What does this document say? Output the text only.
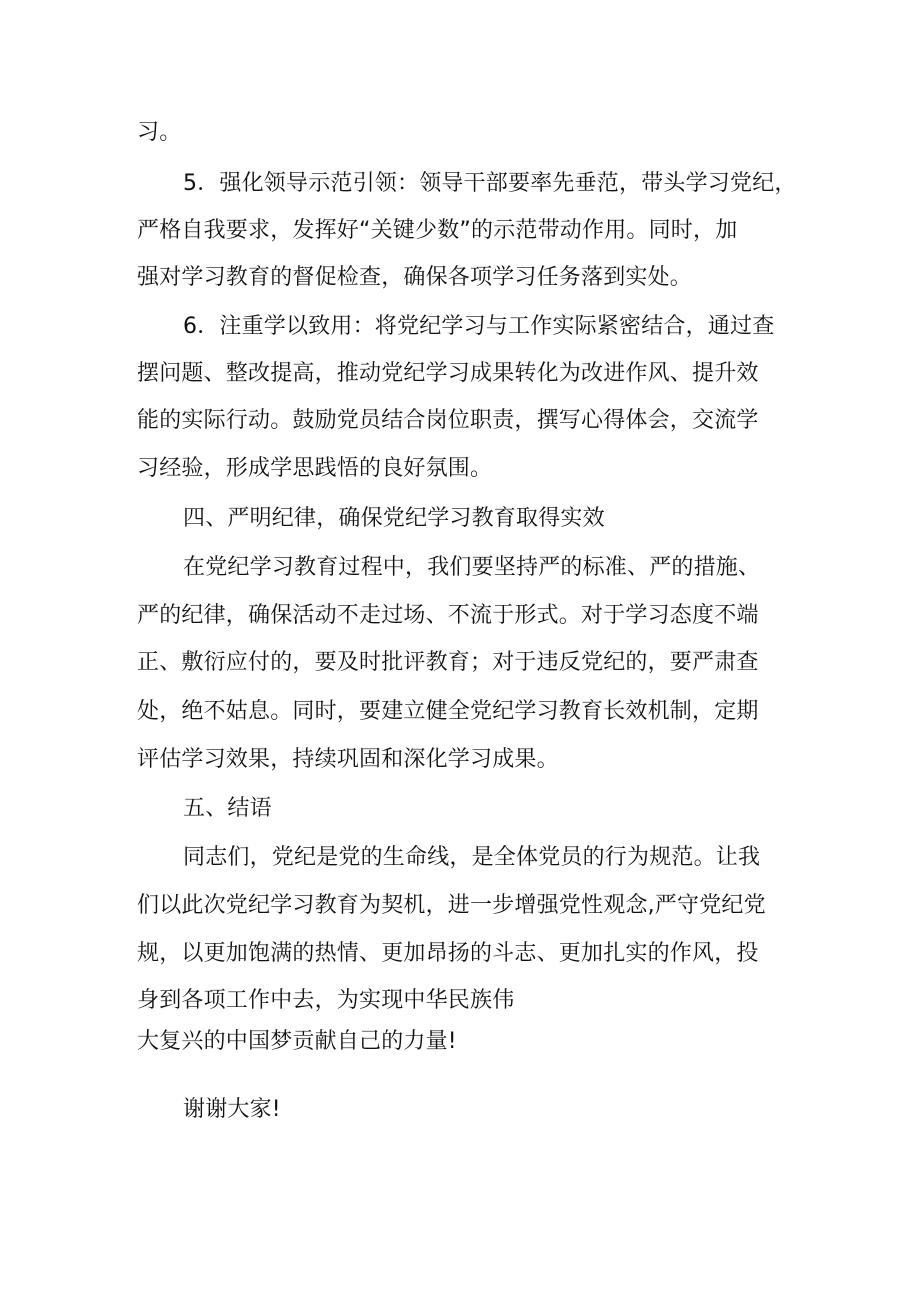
习。

5．强化领导示范引领：领导干部要率先垂范，带头学习党纪，

严格自我要求，发挥好“关键少数”的示范带动作用。同时，加

强对学习教育的督促检查，确保各项学习任务落到实处。

6．注重学以致用：将党纪学习与工作实际紧密结合，通过查

摆问题、整改提高，推动党纪学习成果转化为改进作风、提升效

能的实际行动。鼓励党员结合岗位职责，撰写心得体会，交流学

习经验，形成学思践悟的良好氛围。

四、严明纪律，确保党纪学习教育取得实效

在党纪学习教育过程中，我们要坚持严的标准、严的措施、

严的纪律，确保活动不走过场、不流于形式。对于学习态度不端

正、敷衍应付的，要及时批评教育；对于违反党纪的，要严肃查

处，绝不姑息。同时，要建立健全党纪学习教育长效机制，定期

评估学习效果，持续巩固和深化学习成果。

五、结语

同志们，党纪是党的生命线，是全体党员的行为规范。让我

们以此次党纪学习教育为契机，进一步增强党性观念,严守党纪党

规，以更加饱满的热情、更加昂扬的斗志、更加扎实的作风，投

身到各项工作中去，为实现中华民族伟

大复兴的中国梦贡献自己的力量!

谢谢大家!
